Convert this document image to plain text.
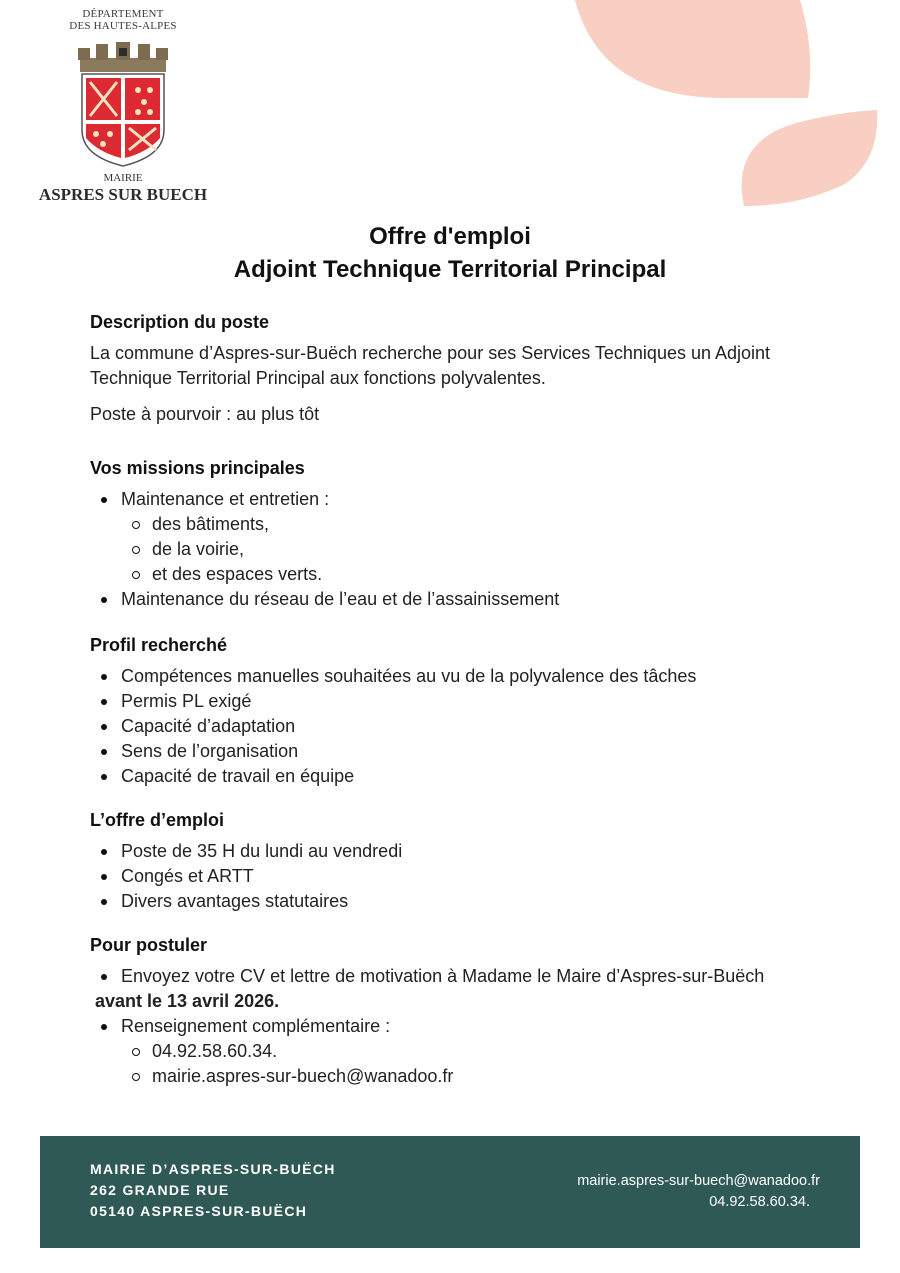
DÉPARTEMENT
DES HAUTES-ALPES
MAIRIE
ASPRES SUR BUECH
Offre d'emploi
Adjoint Technique Territorial Principal
Description du poste

La commune d’Aspres-sur-Buëch recherche pour ses Services Techniques un Adjoint Technique Territorial Principal aux fonctions polyvalentes.

Poste à pourvoir : au plus tôt

Vos missions principales
Maintenance et entretien :
des bâtiments,
de la voirie,
et des espaces verts.
Maintenance du réseau de l’eau et de l’assainissement
Profil recherché
Compétences manuelles souhaitées au vu de la polyvalence des tâches
Permis PL exigé
Capacité d’adaptation
Sens de l’organisation
Capacité de travail en équipe
L’offre d’emploi
Poste de 35 H du lundi au vendredi
Congés et ARTT
Divers avantages statutaires
Pour postuler
Envoyez votre CV et lettre de motivation à Madame le Maire d’Aspres-sur-Buëch
avant le 13 avril 2026.
Renseignement complémentaire :
04.92.58.60.34.
mairie.aspres-sur-buech@wanadoo.fr
MAIRIE D’ASPRES-SUR-BUËCH
262 GRANDE RUE
05140 ASPRES-SUR-BUËCH
mairie.aspres-sur-buech@wanadoo.fr
04.92.58.60.34.
